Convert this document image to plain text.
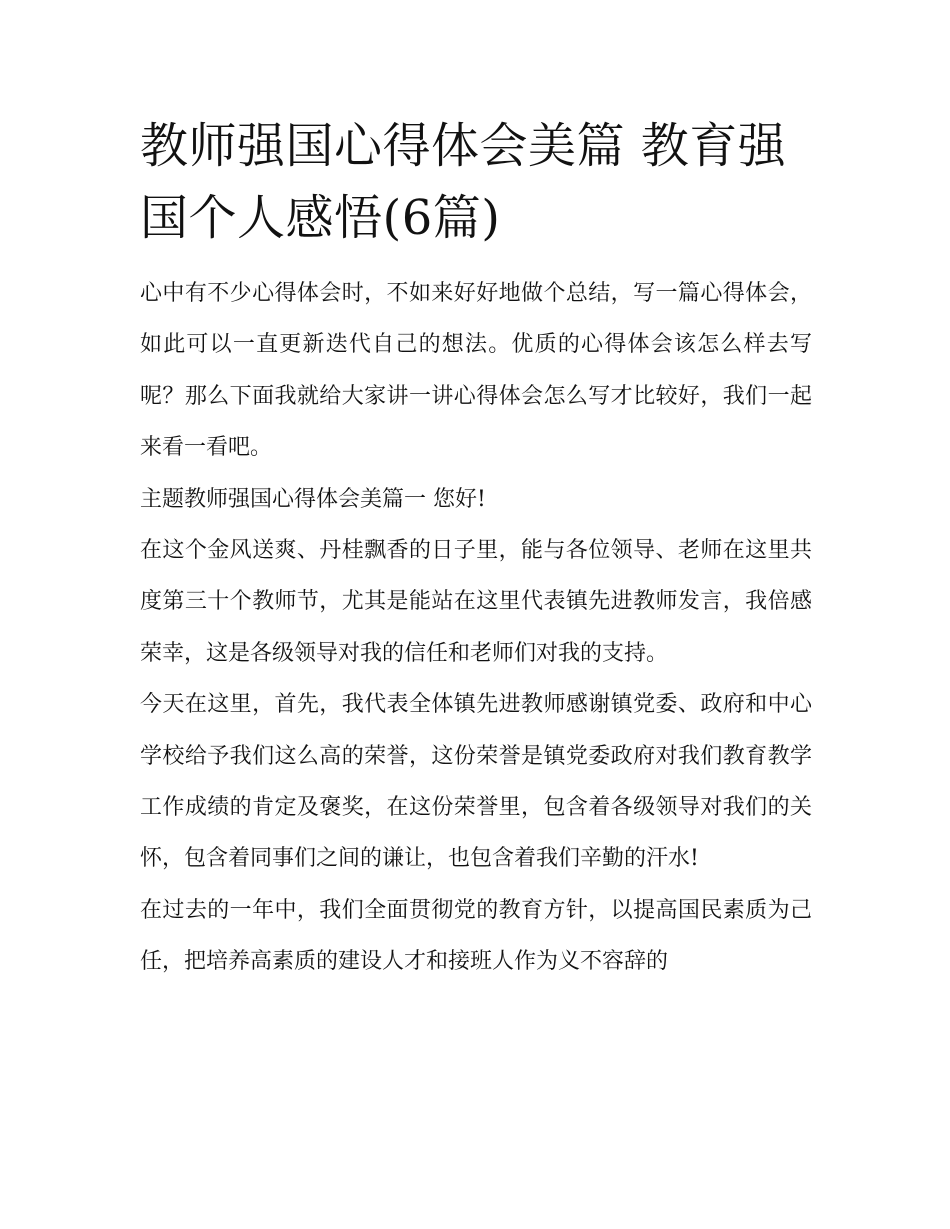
教师强国心得体会美篇 教育强国个人感悟(6篇)

心中有不少心得体会时，不如来好好地做个总结，写一篇心得体会，如此可以一直更新迭代自己的想法。优质的心得体会该怎么样去写呢？那么下面我就给大家讲一讲心得体会怎么写才比较好，我们一起来看一看吧。

主题教师强国心得体会美篇一 您好!

在这个金风送爽、丹桂飘香的日子里，能与各位领导、老师在这里共度第三十个教师节，尤其是能站在这里代表镇先进教师发言，我倍感荣幸，这是各级领导对我的信任和老师们对我的支持。

今天在这里，首先，我代表全体镇先进教师感谢镇党委、政府和中心学校给予我们这么高的荣誉，这份荣誉是镇党委政府对我们教育教学工作成绩的肯定及褒奖，在这份荣誉里，包含着各级领导对我们的关怀，包含着同事们之间的谦让，也包含着我们辛勤的汗水!

在过去的一年中，我们全面贯彻党的教育方针，以提高国民素质为己任，把培养高素质的建设人才和接班人作为义不容辞的
